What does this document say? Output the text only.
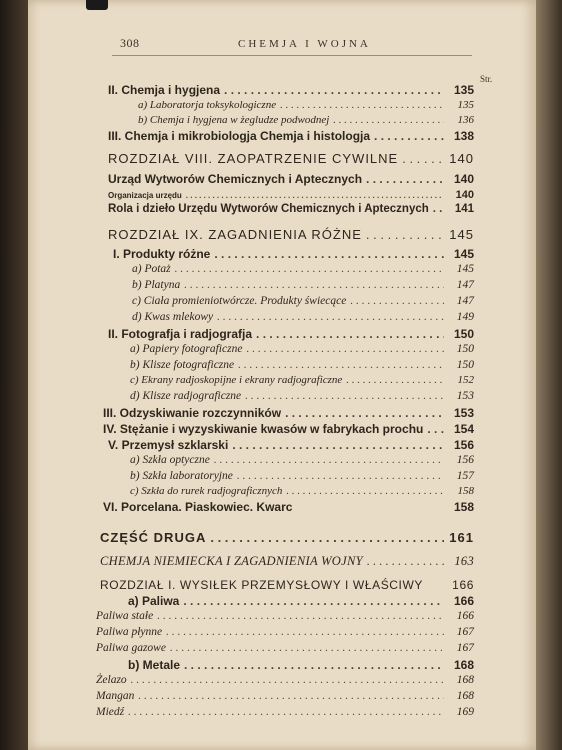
308	CHEMJA I WOJNA
Str.
II. Chemja i hygjena . . .	135
a) Laboratorja toksykologiczne . . .	135
b) Chemja i hygjena w żegludze podwodnej . . .	136
III. Chemja i mikrobiologja Chemja i histologja . . .	138
ROZDZIAŁ VIII. ZAOPATRZENIE CYWILNE . . .	140
Urząd Wytworów Chemicznych i Aptecznych . . .	140
Organizacja urzędu . . .	140
Rola i dzieło Urzędu Wytworów Chemicznych i Aptecznych . . .	141
ROZDZIAŁ IX. ZAGADNIENIA RÓŻNE . . .	145
I. Produkty różne . . .	145
a) Potaż . . .	145
b) Platyna . . .	147
c) Ciała promieniotwórcze. Produkty świecące . . .	147
d) Kwas mlekowy . . .	149
II. Fotografja i radjografja . . .	150
a) Papiery fotograficzne . . .	150
b) Klisze fotograficzne . . .	150
c) Ekrany radjoskopijne i ekrany radjograficzne . . .	152
d) Klisze radjograficzne . . .	153
III. Odzyskiwanie rozczynników . . .	153
IV. Stężanie i wyzyskiwanie kwasów w fabrykach prochu . . .	154
V. Przemysł szklarski . . .	156
a) Szkła optyczne . . .	156
b) Szkła laboratoryjne . . .	157
c) Szkła do rurek radjograficznych . . .	158
VI. Porcelana. Piaskowiec. Kwarc	158
CZĘŚĆ DRUGA . . .	161
CHEMJA NIEMIECKA I ZAGADNIENIA WOJNY . . .	163
ROZDZIAŁ I. WYSIŁEK PRZEMYSŁOWY I WŁAŚCIWY	166
a) Paliwa . . .	166
Paliwa stałe . . .	166
Paliwa płynne . . .	167
Paliwa gazowe . . .	167
b) Metale . . .	168
Żelazo . . .	168
Mangan . . .	168
Miedź . . .	169
